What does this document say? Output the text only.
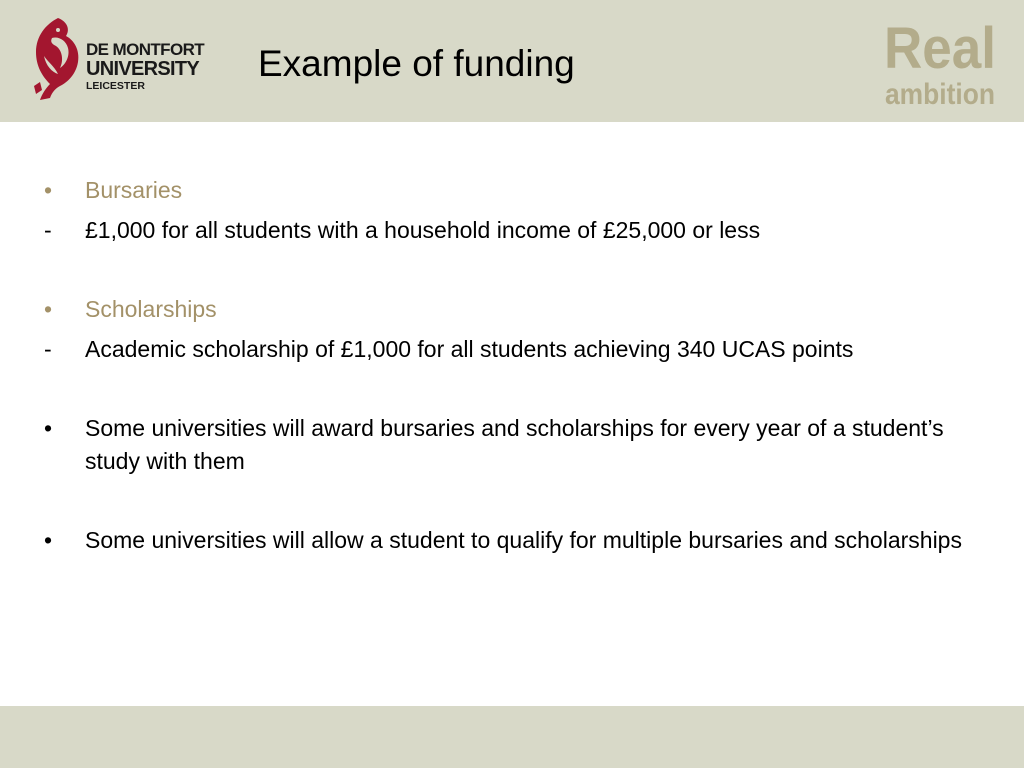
DE MONTFORT
UNIVERSITY
LEICESTER
Example of funding	Real
ambition
•	Bursaries
-	£1,000 for all students with a household income of £25,000 or less
•	Scholarships
-	Academic scholarship of £1,000 for all students achieving 340 UCAS points
•	Some universities will award bursaries and scholarships for every year of a student’s study with them
•	Some universities will allow a student to qualify for multiple bursaries and scholarships
